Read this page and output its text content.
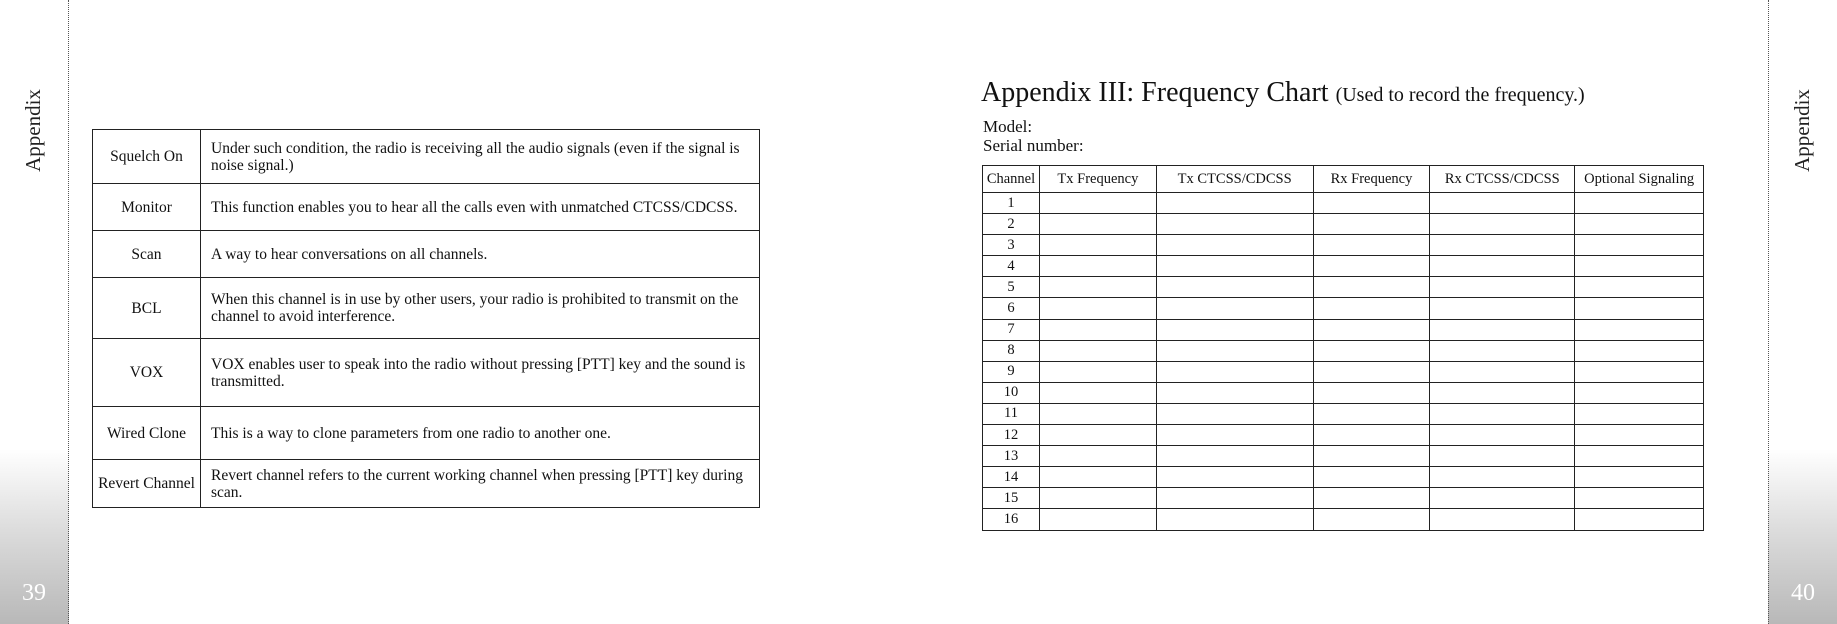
Appendix
39
Squelch On	Under such condition, the radio is receiving all the audio signals (even if the signal is noise signal.)
Monitor	This function enables you to hear all the calls even with unmatched CTCSS/CDCSS.
Scan	A way to hear conversations on all channels.
BCL	When this channel is in use by other users, your radio is prohibited to transmit on the channel to avoid interference.
VOX	VOX enables user to speak into the radio without pressing [PTT] key and the sound is transmitted.
Wired Clone	This is a way to clone parameters from one radio to another one.
Revert Channel	Revert channel refers to the current working channel when pressing [PTT] key during scan.
Appendix III: Frequency Chart (Used to record the frequency.)
Model:
Serial number:
Channel	Tx Frequency	Tx CTCSS/CDCSS	Rx Frequency	Rx CTCSS/CDCSS	Optional Signaling
1					
2					
3					
4					
5					
6					
7					
8					
9					
10					
11					
12					
13					
14					
15					
16					
Appendix
40
